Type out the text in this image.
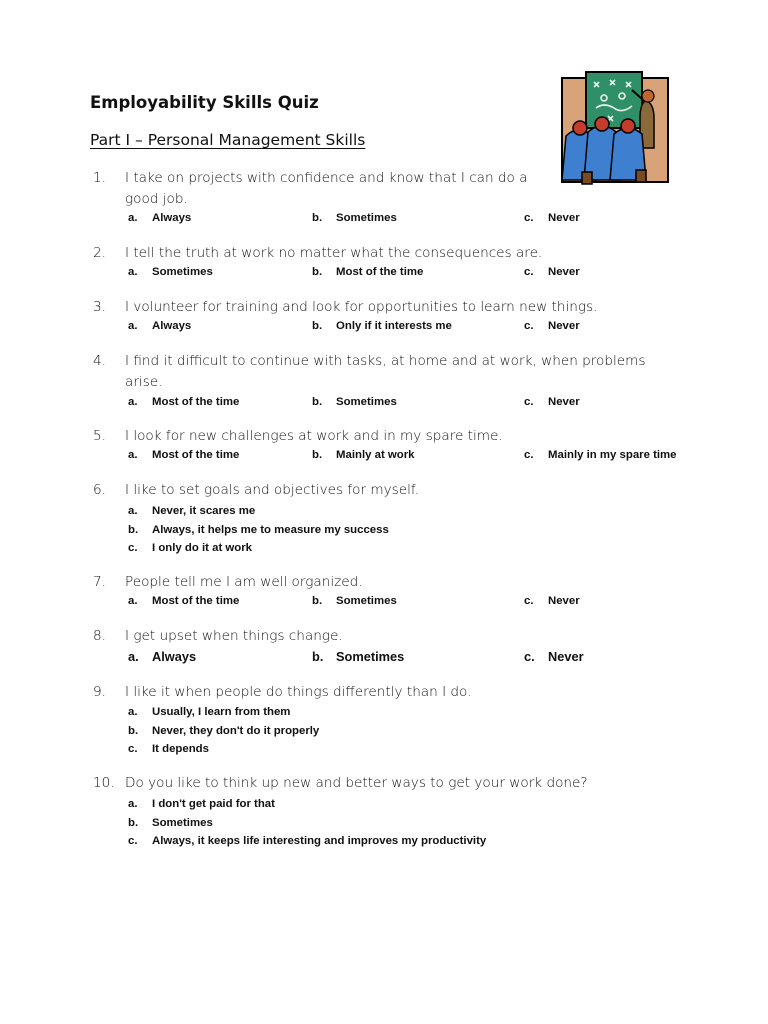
Employability Skills Quiz
Part I – Personal Management Skills
1.	I take on projects with confidence and know that I can do a good job.
a. Always	b. Sometimes	c. Never
2.	I tell the truth at work no matter what the consequences are.
a. Sometimes	b. Most of the time	c. Never
3.	I volunteer for training and look for opportunities to learn new things.
a. Always	b. Only if it interests me	c. Never
4.	I find it difficult to continue with tasks, at home and at work, when problems arise.
a. Most of the time	b. Sometimes	c. Never
5.	I look for new challenges at work and in my spare time.
a. Most of the time	b. Mainly at work	c. Mainly in my spare time
6.	I like to set goals and objectives for myself.
a. Never, it scares me
b. Always, it helps me to measure my success
c. I only do it at work
7.	People tell me I am well organized.
a. Most of the time	b. Sometimes	c. Never
8.	I get upset when things change.
a. Always	b. Sometimes	c. Never
9.	I like it when people do things differently than I do.
a. Usually, I learn from them
b. Never, they don't do it properly
c. It depends
10. Do you like to think up new and better ways to get your work done?
a. I don't get paid for that
b. Sometimes
c. Always, it keeps life interesting and improves my productivity
